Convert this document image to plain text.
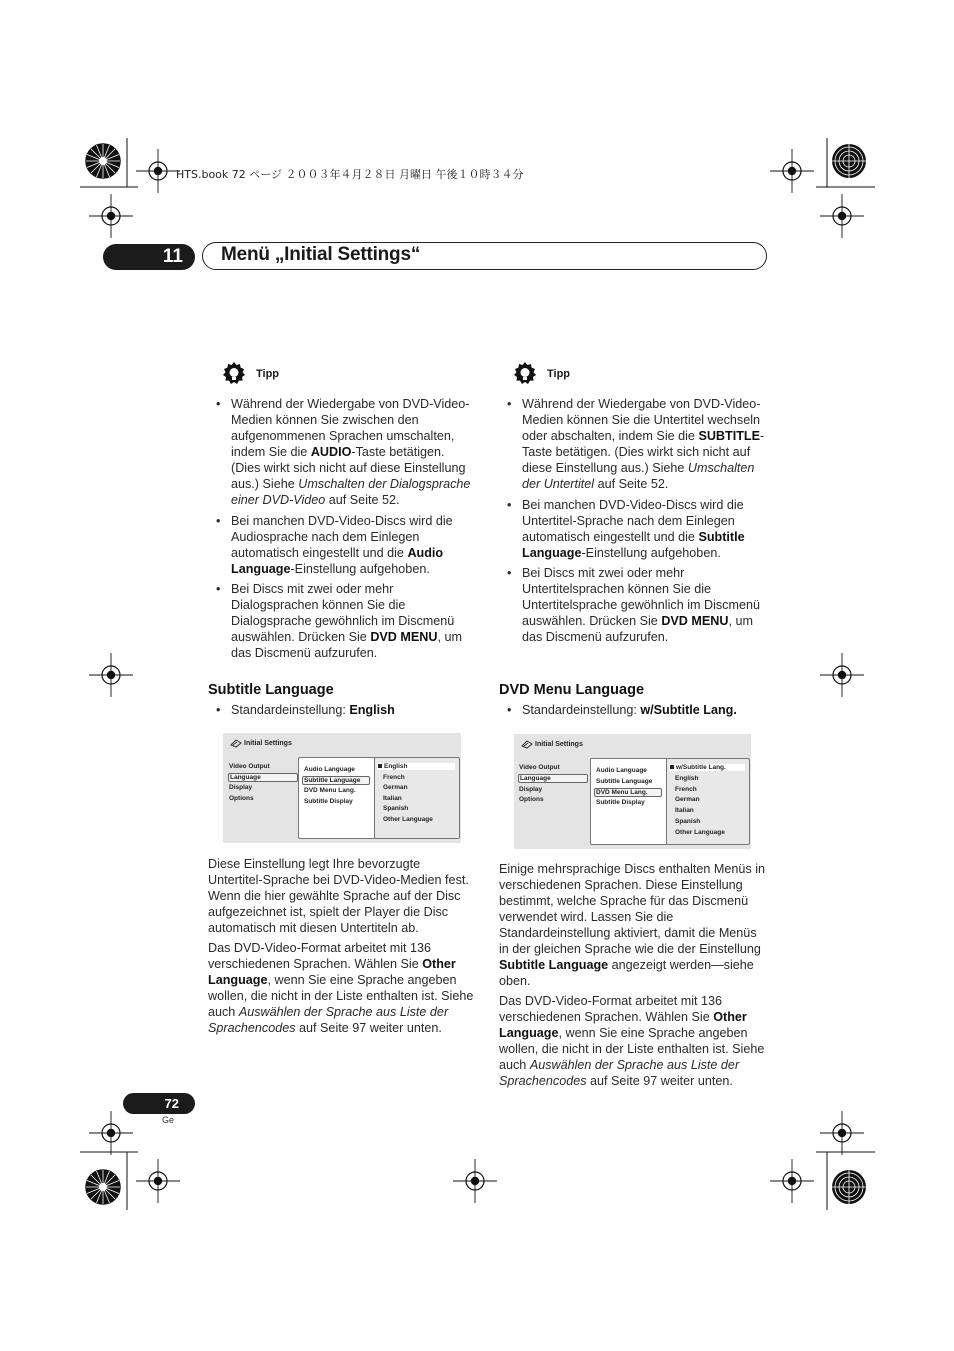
HTS.book 72 ページ ２００３年４月２８日 月曜日 午後１０時３４分
11	Menü „Initial Settings“
Tipp
• Während der Wiedergabe von DVD-Video-Medien können Sie zwischen den aufgenommenen Sprachen umschalten, indem Sie die AUDIO-Taste betätigen. (Dies wirkt sich nicht auf diese Einstellung aus.) Siehe Umschalten der Dialogsprache einer DVD-Video auf Seite 52.
• Bei manchen DVD-Video-Discs wird die Audiosprache nach dem Einlegen automatisch eingestellt und die Audio Language-Einstellung aufgehoben.
• Bei Discs mit zwei oder mehr Dialogsprachen können Sie die Dialogsprache gewöhnlich im Discmenü auswählen. Drücken Sie DVD MENU, um das Discmenü aufzurufen.
Subtitle Language
• Standardeinstellung: English
Initial Settings
Video Output
Language
Display
Options
Audio Language
Subtitle Language
DVD Menu Lang.
Subtitle Display
English
French
German
Italian
Spanish
Other Language

Diese Einstellung legt Ihre bevorzugte Untertitel-Sprache bei DVD-Video-Medien fest. Wenn die hier gewählte Sprache auf der Disc aufgezeichnet ist, spielt der Player die Disc automatisch mit diesen Untertiteln ab.

Das DVD-Video-Format arbeitet mit 136 verschiedenen Sprachen. Wählen Sie Other Language, wenn Sie eine Sprache angeben wollen, die nicht in der Liste enthalten ist. Siehe auch Auswählen der Sprache aus Liste der Sprachencodes auf Seite 97 weiter unten.

Tipp
• Während der Wiedergabe von DVD-Video-Medien können Sie die Untertitel wechseln oder abschalten, indem Sie die SUBTITLE-Taste betätigen. (Dies wirkt sich nicht auf diese Einstellung aus.) Siehe Umschalten der Untertitel auf Seite 52.
• Bei manchen DVD-Video-Discs wird die Untertitel-Sprache nach dem Einlegen automatisch eingestellt und die Subtitle Language-Einstellung aufgehoben.
• Bei Discs mit zwei oder mehr Untertitelsprachen können Sie die Untertitelsprache gewöhnlich im Discmenü auswählen. Drücken Sie DVD MENU, um das Discmenü aufzurufen.
DVD Menu Language
• Standardeinstellung: w/Subtitle Lang.
Initial Settings
Video Output
Language
Display
Options
Audio Language
Subtitle Language
DVD Menu Lang.
Subtitle Display
w/Subtitle Lang.
English
French
German
Italian
Spanish
Other Language

Einige mehrsprachige Discs enthalten Menüs in verschiedenen Sprachen. Diese Einstellung bestimmt, welche Sprache für das Discmenü verwendet wird. Lassen Sie die Standardeinstellung aktiviert, damit die Menüs in der gleichen Sprache wie die der Einstellung Subtitle Language angezeigt werden—siehe oben.

Das DVD-Video-Format arbeitet mit 136 verschiedenen Sprachen. Wählen Sie Other Language, wenn Sie eine Sprache angeben wollen, die nicht in der Liste enthalten ist. Siehe auch Auswählen der Sprache aus Liste der Sprachencodes auf Seite 97 weiter unten.

72
Ge
